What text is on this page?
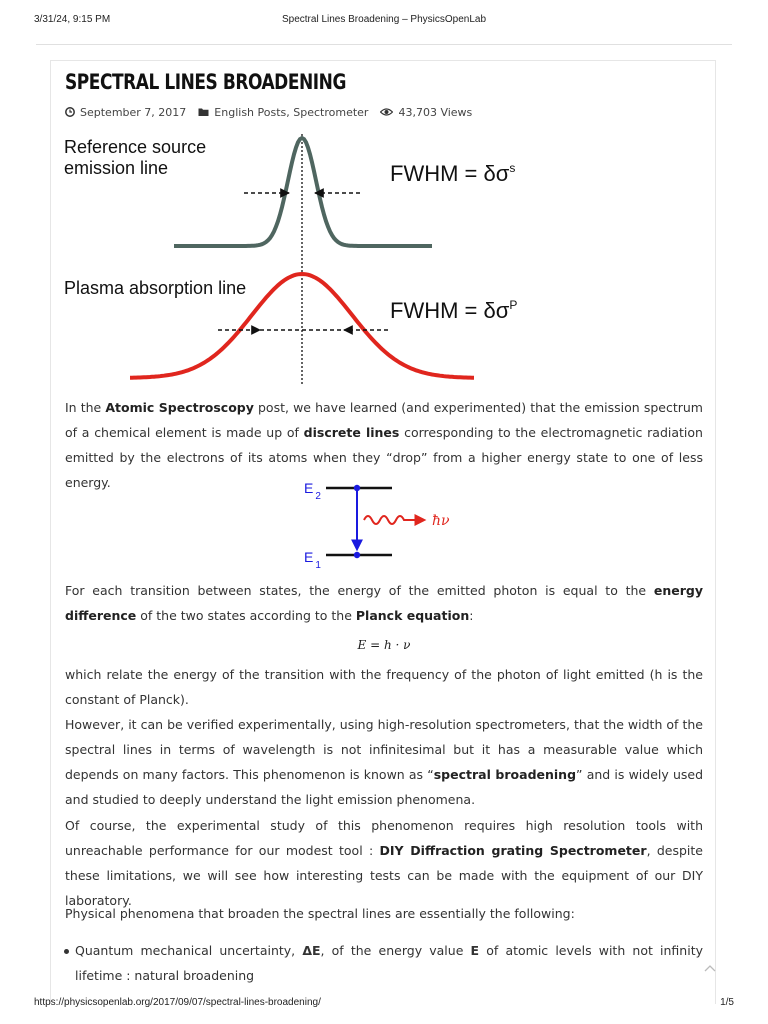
3/31/24, 9:15 PM	Spectral Lines Broadening – PhysicsOpenLab
SPECTRAL LINES BROADENING
September 7, 2017	English Posts, Spectrometer	43,703 Views
Reference source
emission line	FWHM = $\delta\sigma^s$
Plasma absorption line
FWHM = $\delta\sigma^P$

In the Atomic Spectroscopy post, we have learned (and experimented) that the emission spectrum of a chemical element is made up of discrete lines corresponding to the electromagnetic radiation emitted by the electrons of its atoms when they “drop” from a higher energy state to one of less energy.	$E_2$
$E_1$
ħν

For each transition between states, the energy of the emitted photon is equal to the energy difference of the two states according to the Planck equation:

E = h · ν

which relate the energy of the transition with the frequency of the photon of light emitted (h is the constant of Planck).

However, it can be verified experimentally, using high-resolution spectrometers, that the width of the spectral lines in terms of wavelength is not infinitesimal but it has a measurable value which depends on many factors. This phenomenon is known as “spectral broadening” and is widely used and studied to deeply understand the light emission phenomena.

Of course, the experimental study of this phenomenon requires high resolution tools with unreachable performance for our modest tool : DIY Diffraction grating Spectrometer, despite these limitations, we will see how interesting tests can be made with the equipment of our DIY laboratory.

Physical phenomena that broaden the spectral lines are essentially the following:

Quantum mechanical uncertainty, ΔE, of the energy value E of atomic levels with not infinity lifetime : natural broadening
https://physicsopenlab.org/2017/09/07/spectral-lines-broadening/	1/5
